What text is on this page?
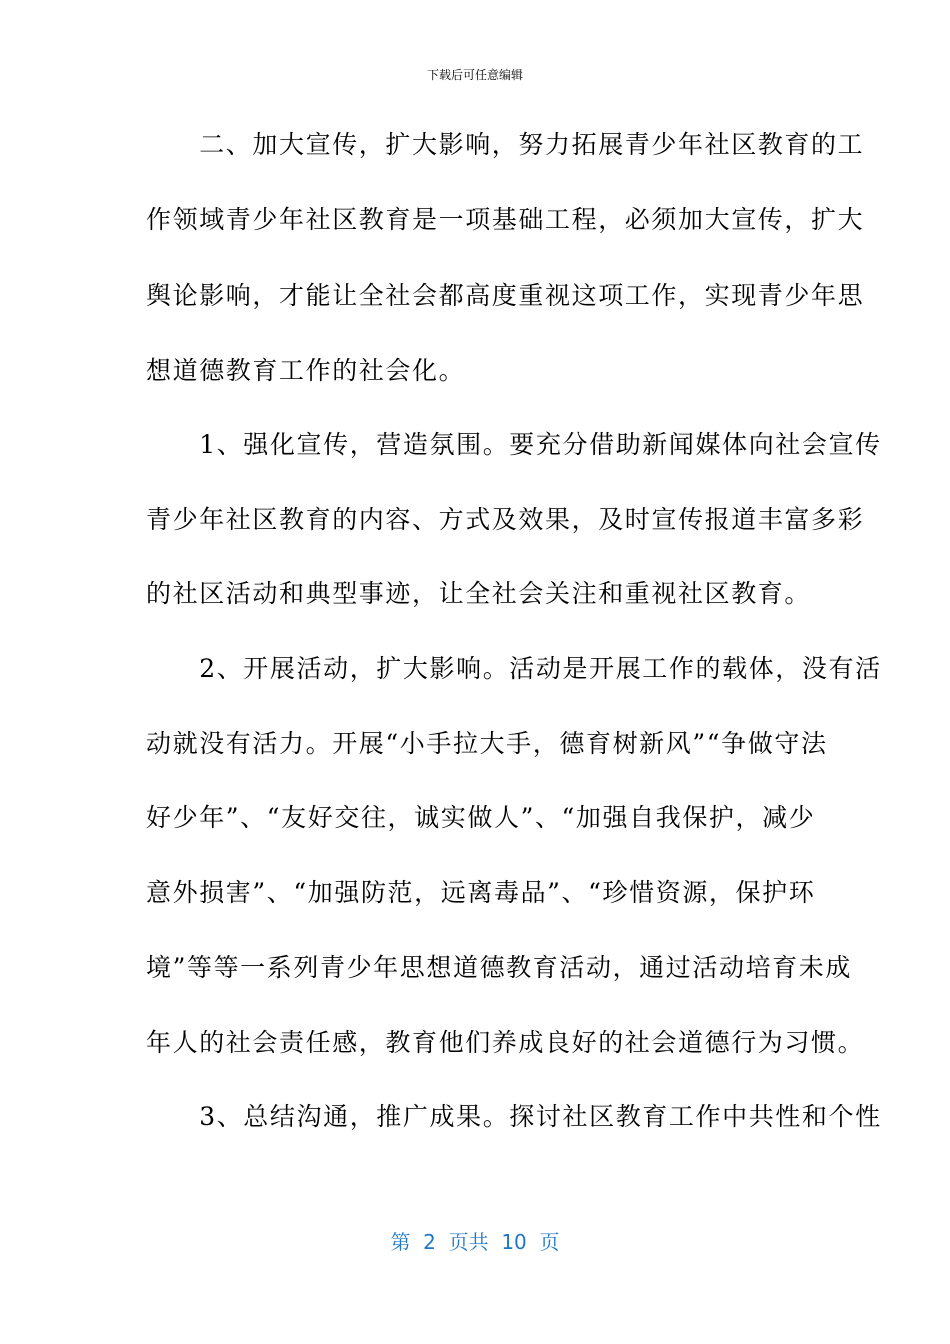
下载后可任意编辑
　　二、加大宣传，扩大影响，努力拓展青少年社区教育的工
作领域青少年社区教育是一项基础工程，必须加大宣传，扩大
舆论影响，才能让全社会都高度重视这项工作，实现青少年思
想道德教育工作的社会化。
　　1、强化宣传，营造氛围。要充分借助新闻媒体向社会宣传
青少年社区教育的内容、方式及效果，及时宣传报道丰富多彩
的社区活动和典型事迹，让全社会关注和重视社区教育。
　　2、开展活动，扩大影响。活动是开展工作的载体，没有活
动就没有活力。开展“小手拉大手，德育树新风”“争做守法
好少年”、“友好交往，诚实做人”、“加强自我保护，减少
意外损害”、“加强防范，远离毒品”、“珍惜资源，保护环
境”等等一系列青少年思想道德教育活动，通过活动培育未成
年人的社会责任感，教育他们养成良好的社会道德行为习惯。
　　3、总结沟通，推广成果。探讨社区教育工作中共性和个性
第  2  页共  10  页
